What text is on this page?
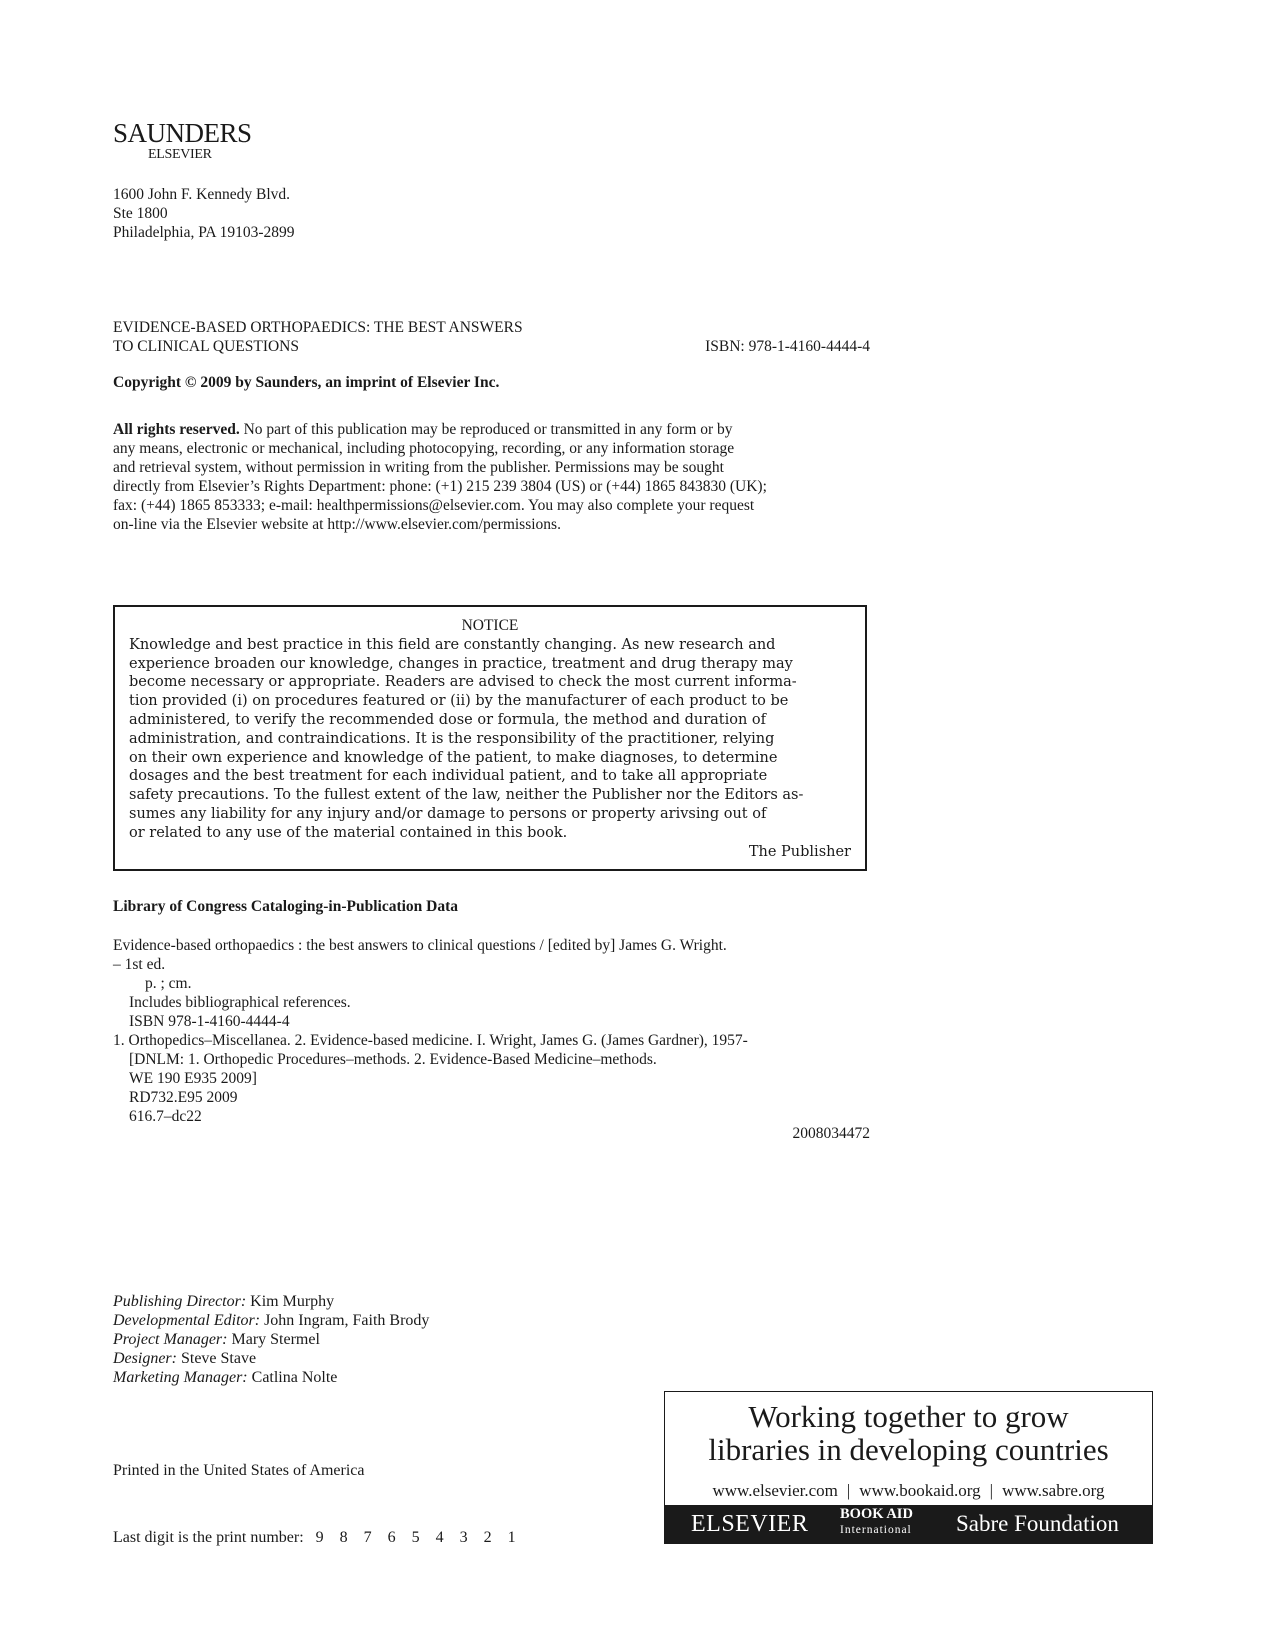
SAUNDERS
ELSEVIER
1600 John F. Kennedy Blvd.
Ste 1800
Philadelphia, PA 19103-2899
EVIDENCE-BASED ORTHOPAEDICS: THE BEST ANSWERS
TO CLINICAL QUESTIONS	ISBN: 978-1-4160-4444-4
Copyright © 2009 by Saunders, an imprint of Elsevier Inc.
All rights reserved. No part of this publication may be reproduced or transmitted in any form or by
any means, electronic or mechanical, including photocopying, recording, or any information storage
and retrieval system, without permission in writing from the publisher. Permissions may be sought
directly from Elsevier’s Rights Department: phone: (+1) 215 239 3804 (US) or (+44) 1865 843830 (UK);
fax: (+44) 1865 853333; e-mail: healthpermissions@elsevier.com. You may also complete your request
on-line via the Elsevier website at http://www.elsevier.com/permissions.
NOTICE
Knowledge and best practice in this field are constantly changing. As new research and
experience broaden our knowledge, changes in practice, treatment and drug therapy may
become necessary or appropriate. Readers are advised to check the most current informa-
tion provided (i) on procedures featured or (ii) by the manufacturer of each product to be
administered, to verify the recommended dose or formula, the method and duration of
administration, and contraindications. It is the responsibility of the practitioner, relying
on their own experience and knowledge of the patient, to make diagnoses, to determine
dosages and the best treatment for each individual patient, and to take all appropriate
safety precautions. To the fullest extent of the law, neither the Publisher nor the Editors as-
sumes any liability for any injury and/or damage to persons or property arivsing out of
or related to any use of the material contained in this book.
The Publisher
Library of Congress Cataloging-in-Publication Data
Evidence-based orthopaedics : the best answers to clinical questions / [edited by] James G. Wright.
– 1st ed.
p. ; cm.
Includes bibliographical references.
ISBN 978-1-4160-4444-4
1. Orthopedics–Miscellanea. 2. Evidence-based medicine. I. Wright, James G. (James Gardner), 1957-
[DNLM: 1. Orthopedic Procedures–methods. 2. Evidence-Based Medicine–methods.
WE 190 E935 2009]
RD732.E95 2009
616.7–dc22
2008034472
Publishing Director: Kim Murphy
Developmental Editor: John Ingram, Faith Brody
Project Manager: Mary Stermel
Designer: Steve Stave
Marketing Manager: Catlina Nolte
Printed in the United States of America
Last digit is the print number: 9 8 7 6 5 4 3 2 1
Working together to grow
libraries in developing countries
www.elsevier.com | www.bookaid.org | www.sabre.org
ELSEVIER BOOK AID
International Sabre Foundation
